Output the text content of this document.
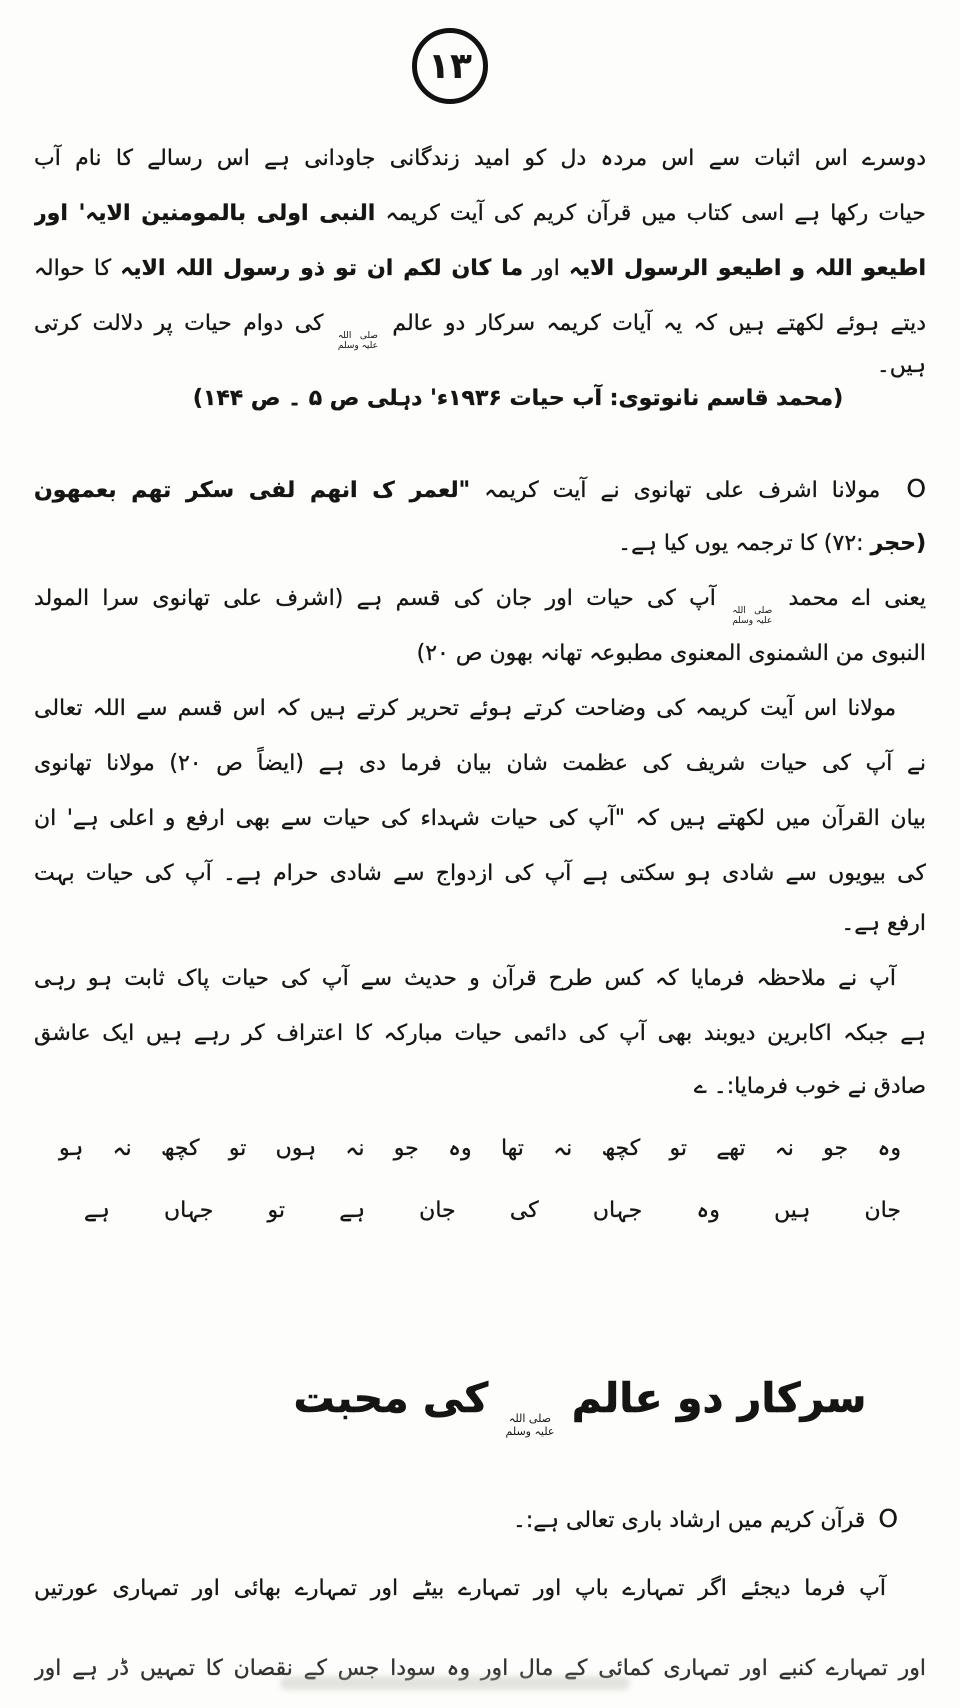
۱۳
دوسرے اس اثبات سے اس مردہ دل کو امید زندگانی جاودانی ہے اس رسالے کا نام آب
حیات رکھا ہے اسی کتاب میں قرآن کریم کی آیت کریمہ النبی اولی بالمومنین الایہ' اور
اطیعو اللہ و اطیعو الرسول الایہ اور ما کان لکم ان تو ذو رسول اللہ الایہ کا حوالہ
دیتے ہوئے لکھتے ہیں کہ یہ آیات کریمہ سرکار دو عالم
صلی اللہ
علیہ وسلم
کی دوام حیات پر دلالت کرتی
ہیں۔
(محمد قاسم نانوتوی: آب حیات ۱۹۳۶ء' دہلی ص ۵ ۔ ص ۱۴۴)
Oمولانا اشرف علی تھانوی نے آیت کریمہ "لعمر ک انھم لفی سکر تھم بعمھون
(حجر :۷۲) کا ترجمہ یوں کیا ہے۔
یعنی اے محمد
صلی اللہ
علیہ وسلم
آپ کی حیات اور جان کی قسم ہے (اشرف علی تھانوی سرا المولد
النبوی من الشمنوی المعنوی مطبوعہ تھانہ بھون ص ۲۰)
مولانا اس آیت کریمہ کی وضاحت کرتے ہوئے تحریر کرتے ہیں کہ اس قسم سے اللہ تعالی
نے آپ کی حیات شریف کی عظمت شان بیان فرما دی ہے (ایضاً ص ۲۰) مولانا تھانوی
بیان القرآن میں لکھتے ہیں کہ "آپ کی حیات شہداء کی حیات سے بھی ارفع و اعلی ہے' ان
کی بیویوں سے شادی ہو سکتی ہے آپ کی ازدواج سے شادی حرام ہے۔ آپ کی حیات بہت
ارفع ہے۔
آپ نے ملاحظہ فرمایا کہ کس طرح قرآن و حدیث سے آپ کی حیات پاک ثابت ہو رہی
ہے جبکہ اکابرین دیوبند بھی آپ کی دائمی حیات مبارکہ کا اعتراف کر رہے ہیں ایک عاشق
صادق نے خوب فرمایا:۔ ے
وہ جو نہ تھے تو کچھ نہ تھا وہ جو نہ ہوں تو کچھ نہ ہو
جان ہیں وہ جہاں کی جان ہے تو جہاں ہے
سرکار دو عالم
صلی اللہ
علیہ وسلم
کی محبت
O قرآن کریم میں ارشاد باری تعالی ہے:۔
آپ فرما دیجئے اگر تمہارے باپ اور تمہارے بیٹے اور تمہارے بھائی اور تمہاری عورتیں
اور تمہارے کنبے اور تمہاری کمائی کے مال اور وہ سودا جس کے نقصان کا تمہیں ڈر ہے اور
